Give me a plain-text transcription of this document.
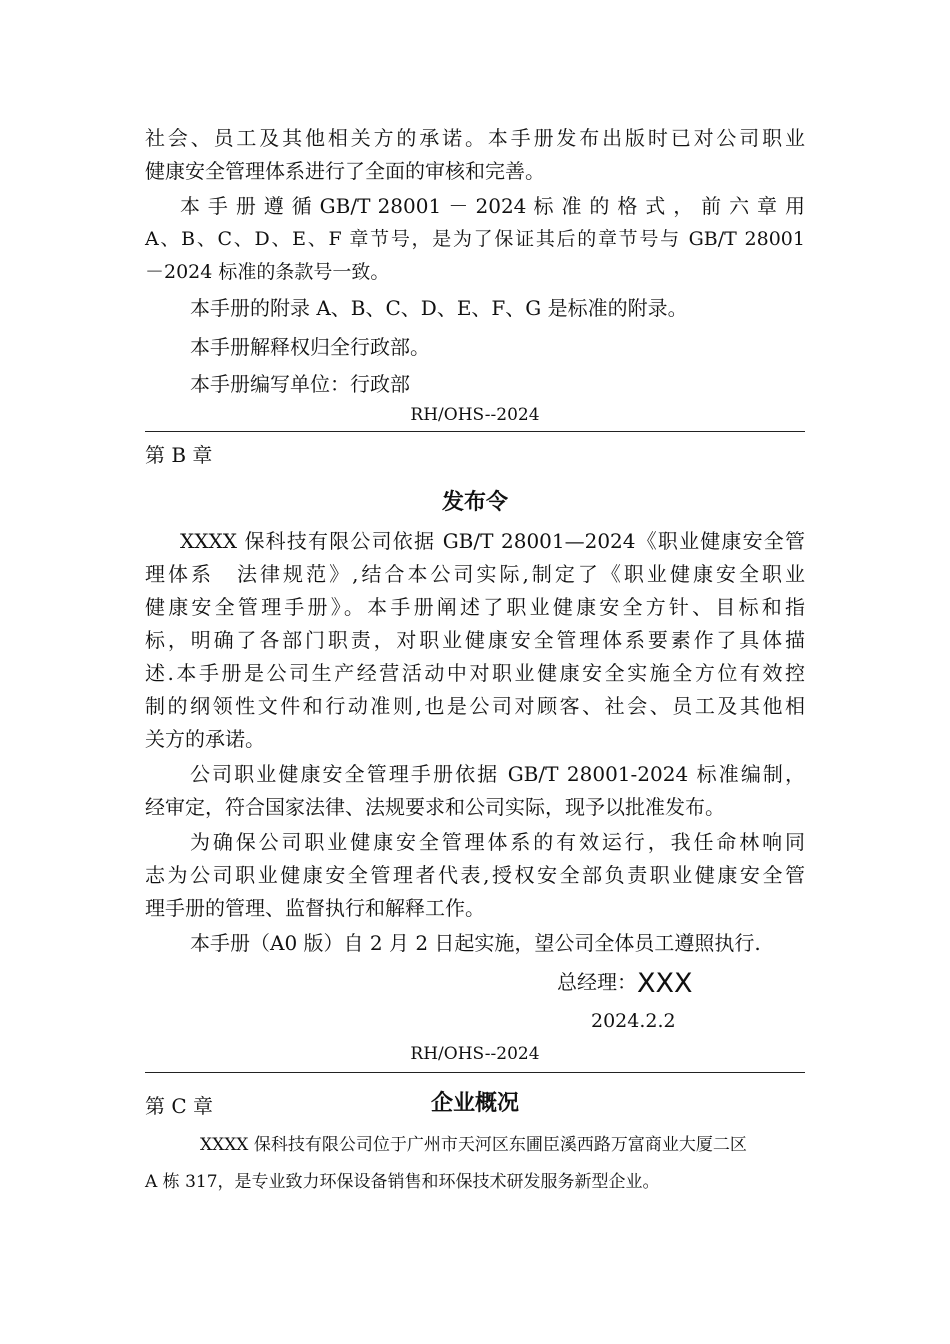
社会、员工及其他相关方的承诺。本手册发布出版时已对公司职业
健康安全管理体系进行了全面的审核和完善。
本 手 册 遵 循 GB/T 28001 － 2024 标 准 的 格 式 ， 前 六 章 用
A、B、C、D、E、F 章节号，是为了保证其后的章节号与 GB/T 28001
－2024 标准的条款号一致。
本手册的附录 A、B、C、D、E、F、G 是标准的附录。
本手册解释权归全行政部。
本手册编写单位：行政部
RH/OHS--2024
第 B 章
发布令
XXXX 保科技有限公司依据 GB/T 28001—2024《职业健康安全管
理体系　法律规范》,结合本公司实际,制定了《职业健康安全职业
健康安全管理手册》。本手册阐述了职业健康安全方针、目标和指
标，明确了各部门职责，对职业健康安全管理体系要素作了具体描
述.本手册是公司生产经营活动中对职业健康安全实施全方位有效控
制的纲领性文件和行动准则,也是公司对顾客、社会、员工及其他相
关方的承诺。
公司职业健康安全管理手册依据 GB/T 28001-2024 标准编制，
经审定，符合国家法律、法规要求和公司实际，现予以批准发布。
为确保公司职业健康安全管理体系的有效运行，我任命林响同
志为公司职业健康安全管理者代表,授权安全部负责职业健康安全管
理手册的管理、监督执行和解释工作。
本手册（A0 版）自 2 月 2 日起实施，望公司全体员工遵照执行.
总经理：XXX
2024.2.2
RH/OHS--2024
第 C 章	企业概况
XXXX 保科技有限公司位于广州市天河区东圃臣溪西路万富商业大厦二区
A 栋 317，是专业致力环保设备销售和环保技术研发服务新型企业。
